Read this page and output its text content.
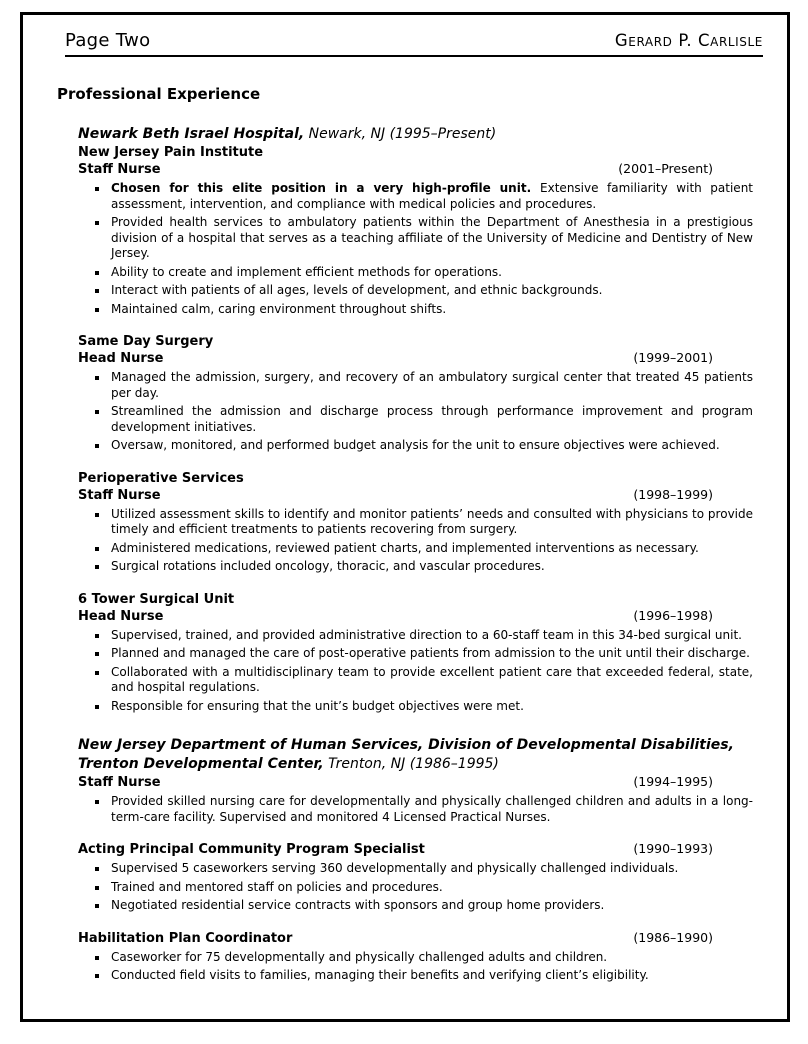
Page Two	Gerard P. Carlisle
Professional Experience
Newark Beth Israel Hospital, Newark, NJ (1995–Present)
New Jersey Pain Institute
Staff Nurse	(2001–Present)
Chosen for this elite position in a very high-profile unit. Extensive familiarity with patient assessment, intervention, and compliance with medical policies and procedures.
Provided health services to ambulatory patients within the Department of Anesthesia in a prestigious division of a hospital that serves as a teaching affiliate of the University of Medicine and Dentistry of New Jersey.
Ability to create and implement efficient methods for operations.
Interact with patients of all ages, levels of development, and ethnic backgrounds.
Maintained calm, caring environment throughout shifts.
Same Day Surgery
Head Nurse	(1999–2001)
Managed the admission, surgery, and recovery of an ambulatory surgical center that treated 45 patients per day.
Streamlined the admission and discharge process through performance improvement and program development initiatives.
Oversaw, monitored, and performed budget analysis for the unit to ensure objectives were achieved.
Perioperative Services
Staff Nurse	(1998–1999)
Utilized assessment skills to identify and monitor patients’ needs and consulted with physicians to provide timely and efficient treatments to patients recovering from surgery.
Administered medications, reviewed patient charts, and implemented interventions as necessary.
Surgical rotations included oncology, thoracic, and vascular procedures.
6 Tower Surgical Unit
Head Nurse	(1996–1998)
Supervised, trained, and provided administrative direction to a 60-staff team in this 34-bed surgical unit.
Planned and managed the care of post-operative patients from admission to the unit until their discharge.
Collaborated with a multidisciplinary team to provide excellent patient care that exceeded federal, state, and hospital regulations.
Responsible for ensuring that the unit’s budget objectives were met.
New Jersey Department of Human Services, Division of Developmental Disabilities, Trenton Developmental Center, Trenton, NJ (1986–1995)
Staff Nurse	(1994–1995)
Provided skilled nursing care for developmentally and physically challenged children and adults in a long-term-care facility. Supervised and monitored 4 Licensed Practical Nurses.
Acting Principal Community Program Specialist	(1990–1993)
Supervised 5 caseworkers serving 360 developmentally and physically challenged individuals.
Trained and mentored staff on policies and procedures.
Negotiated residential service contracts with sponsors and group home providers.
Habilitation Plan Coordinator	(1986–1990)
Caseworker for 75 developmentally and physically challenged adults and children.
Conducted field visits to families, managing their benefits and verifying client’s eligibility.
